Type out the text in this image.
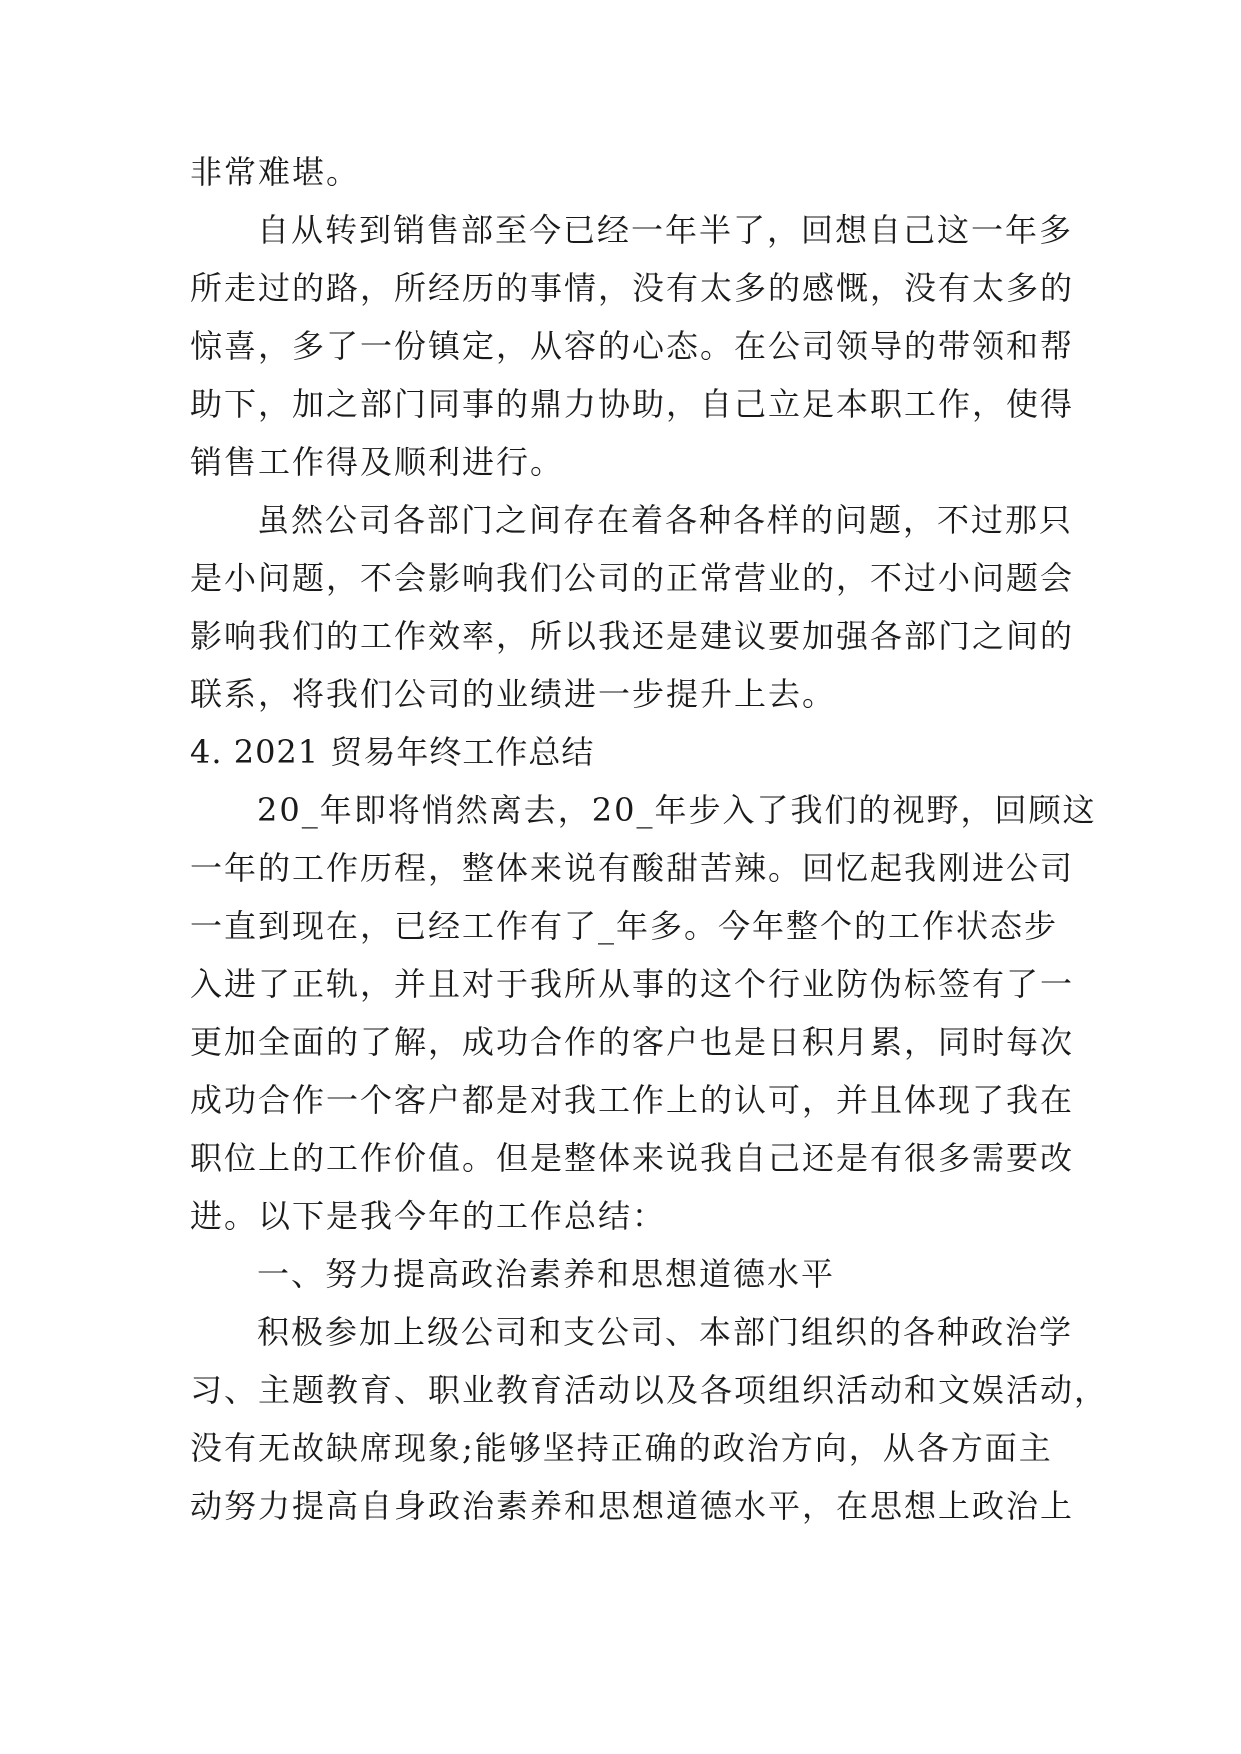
非常难堪。

自从转到销售部至今已经一年半了，回想自己这一年多

所走过的路，所经历的事情，没有太多的感慨，没有太多的

惊喜，多了一份镇定，从容的心态。在公司领导的带领和帮

助下，加之部门同事的鼎力协助，自己立足本职工作，使得

销售工作得及顺利进行。

虽然公司各部门之间存在着各种各样的问题，不过那只

是小问题，不会影响我们公司的正常营业的，不过小问题会

影响我们的工作效率，所以我还是建议要加强各部门之间的

联系，将我们公司的业绩进一步提升上去。

4. 2021 贸易年终工作总结

20_年即将悄然离去，20_年步入了我们的视野，回顾这

一年的工作历程，整体来说有酸甜苦辣。回忆起我刚进公司

一直到现在，已经工作有了_年多。今年整个的工作状态步

入进了正轨，并且对于我所从事的这个行业防伪标签有了一

更加全面的了解，成功合作的客户也是日积月累，同时每次

成功合作一个客户都是对我工作上的认可，并且体现了我在

职位上的工作价值。但是整体来说我自己还是有很多需要改

进。以下是我今年的工作总结：

一、努力提高政治素养和思想道德水平

积极参加上级公司和支公司、本部门组织的各种政治学

习、主题教育、职业教育活动以及各项组织活动和文娱活动，

没有无故缺席现象;能够坚持正确的政治方向，从各方面主

动努力提高自身政治素养和思想道德水平，在思想上政治上
